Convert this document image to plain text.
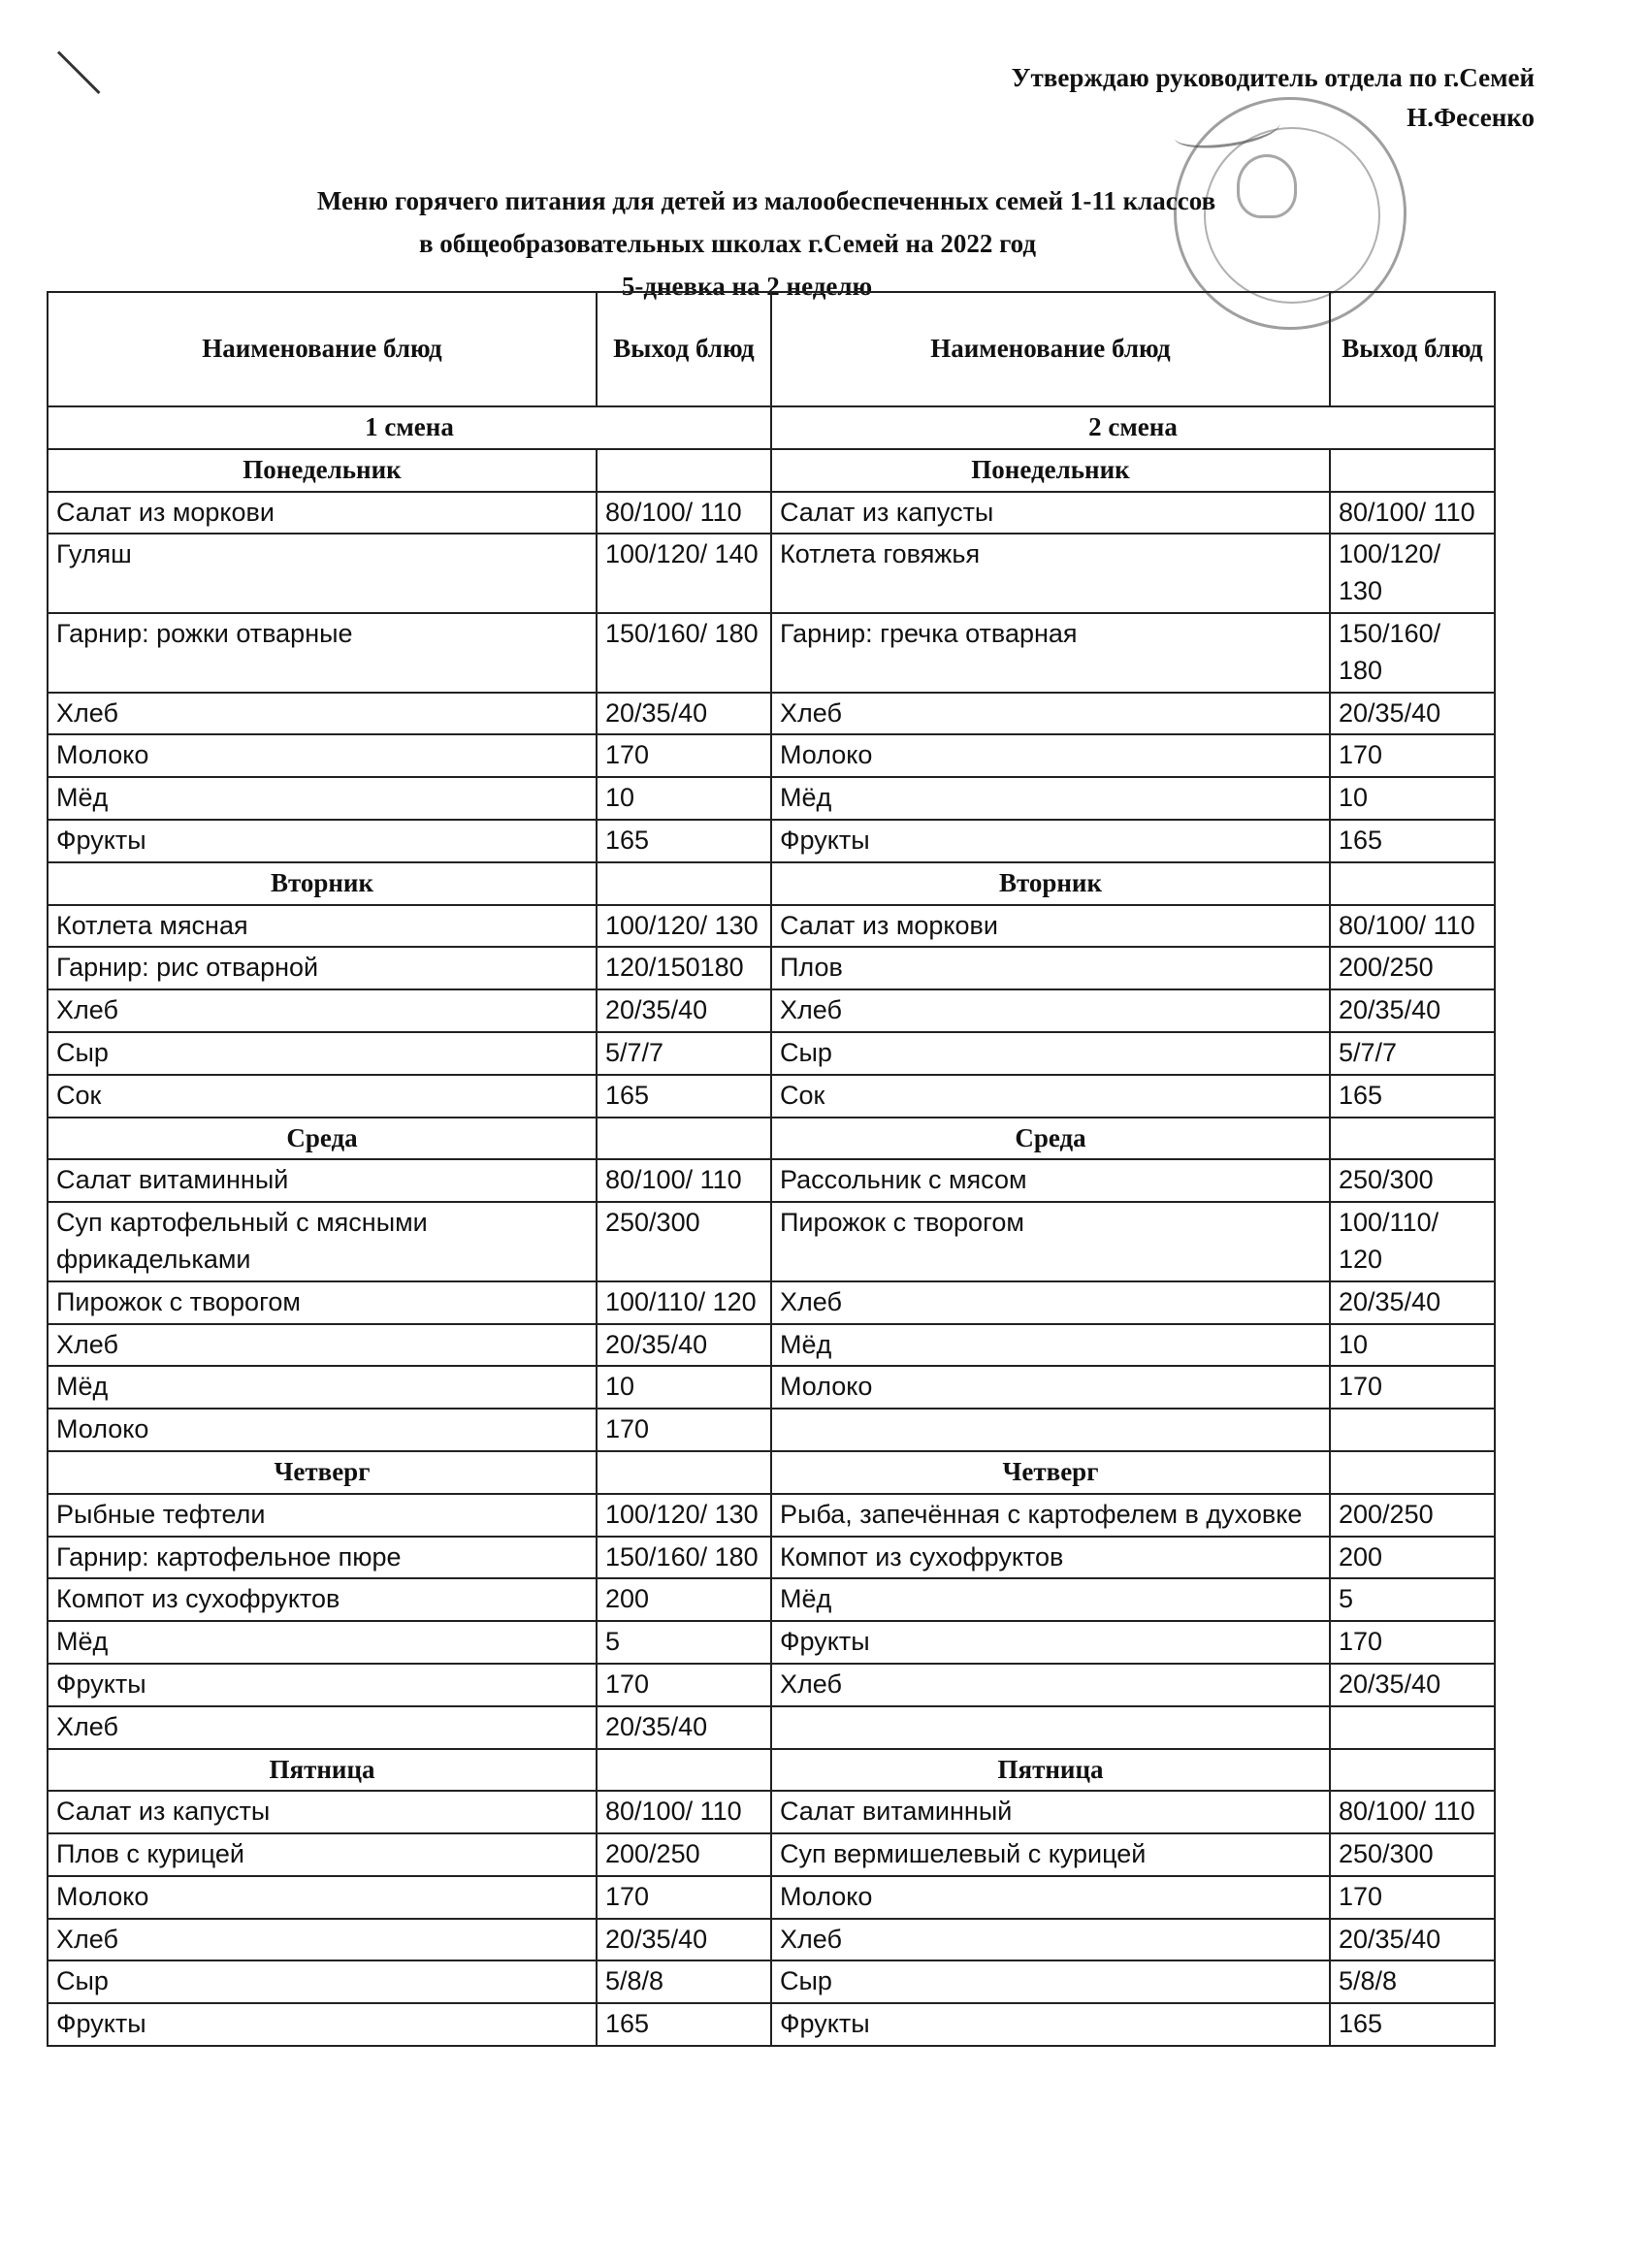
Утверждаю руководитель отдела по г.Семей
Н.Фесенко
Меню горячего питания для детей из малообеспеченных семей 1-11 классов
в общеобразовательных школах г.Семей на 2022 год
5-дневка на 2 неделю
Наименование блюд	Выход блюд	Наименование блюд	Выход блюд
1 смена		2 смена	
Понедельник		Понедельник	
Салат из моркови	80/100/ 110	Салат из капусты	80/100/ 110
Гуляш	100/120/ 140	Котлета говяжья	100/120/ 130
Гарнир: рожки отварные	150/160/ 180	Гарнир: гречка отварная	150/160/ 180
Хлеб	20/35/40	Хлеб	20/35/40
Молоко	170	Молоко	170
Мёд	10	Мёд	10
Фрукты	165	Фрукты	165
Вторник		Вторник	
Котлета мясная	100/120/ 130	Салат из моркови	80/100/ 110
Гарнир: рис отварной	120/150180	Плов	200/250
Хлеб	20/35/40	Хлеб	20/35/40
Сыр	5/7/7	Сыр	5/7/7
Сок	165	Сок	165
Среда		Среда	
Салат витаминный	80/100/ 110	Рассольник с мясом	250/300
Суп картофельный с мясными фрикадельками	250/300	Пирожок с творогом	100/110/ 120
Пирожок с творогом	100/110/ 120	Хлеб	20/35/40
Хлеб	20/35/40	Мёд	10
Мёд	10	Молоко	170
Молоко	170		
Четверг		Четверг	
Рыбные тефтели	100/120/ 130	Рыба, запечённая с картофелем в духовке	200/250
Гарнир: картофельное пюре	150/160/ 180	Компот из сухофруктов	200
Компот из сухофруктов	200	Мёд	5
Мёд	5	Фрукты	170
Фрукты	170	Хлеб	20/35/40
Хлеб	20/35/40		
Пятница		Пятница	
Салат из капусты	80/100/ 110	Салат витаминный	80/100/ 110
Плов с курицей	200/250	Суп вермишелевый с курицей	250/300
Молоко	170	Молоко	170
Хлеб	20/35/40	Хлеб	20/35/40
Сыр	5/8/8	Сыр	5/8/8
Фрукты	165	Фрукты	165
